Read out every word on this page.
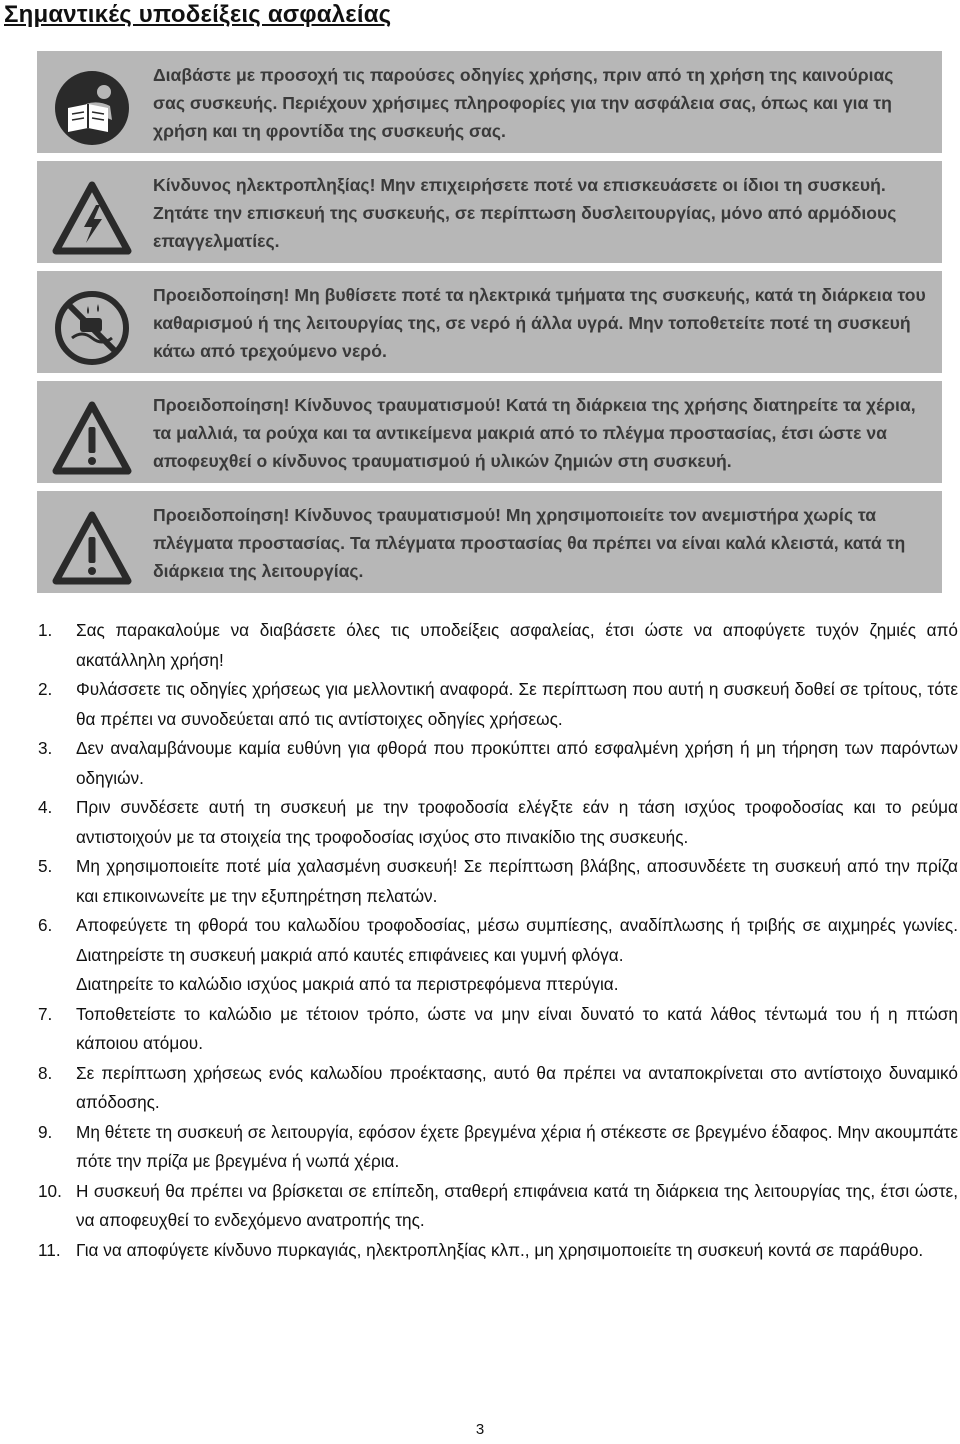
Σημαντικές υποδείξεις ασφαλείας
Διαβάστε με προσοχή τις παρούσες οδηγίες χρήσης, πριν από τη χρήση της καινούριας σας συσκευής. Περιέχουν χρήσιμες πληροφορίες για την ασφάλεια σας, όπως και για τη χρήση και τη φροντίδα της συσκευής σας.
Κίνδυνος ηλεκτροπληξίας! Μην επιχειρήσετε ποτέ να επισκευάσετε οι ίδιοι τη συσκευή. Ζητάτε την επισκευή της συσκευής, σε περίπτωση δυσλειτουργίας, μόνο από αρμόδιους επαγγελματίες.
Προειδοποίηση! Μη βυθίσετε ποτέ τα ηλεκτρικά τμήματα της συσκευής, κατά τη διάρκεια του καθαρισμού ή της λειτουργίας της, σε νερό ή άλλα υγρά. Μην τοποθετείτε ποτέ τη συσκευή κάτω από τρεχούμενο νερό.
Προειδοποίηση! Κίνδυνος τραυματισμού! Κατά τη διάρκεια της χρήσης διατηρείτε τα χέρια, τα μαλλιά, τα ρούχα και τα αντικείμενα μακριά από το πλέγμα προστασίας, έτσι ώστε να αποφευχθεί ο κίνδυνος τραυματισμού ή υλικών ζημιών στη συσκευή.
Προειδοποίηση! Κίνδυνος τραυματισμού! Μη χρησιμοποιείτε τον ανεμιστήρα χωρίς τα πλέγματα προστασίας. Τα πλέγματα προστασίας θα πρέπει να είναι καλά κλειστά, κατά τη διάρκεια της λειτουργίας.
1.	Σας παρακαλούμε να διαβάσετε όλες τις υποδείξεις ασφαλείας, έτσι ώστε να αποφύγετε τυχόν ζημιές από ακατάλληλη χρήση!
2.	Φυλάσσετε τις οδηγίες χρήσεως για μελλοντική αναφορά. Σε περίπτωση που αυτή η συσκευή δοθεί σε τρίτους, τότε θα πρέπει να συνοδεύεται από τις αντίστοιχες οδηγίες χρήσεως.
3.	Δεν αναλαμβάνουμε καμία ευθύνη για φθορά που προκύπτει από εσφαλμένη χρήση ή μη τήρηση των παρόντων οδηγιών.
4.	Πριν συνδέσετε αυτή τη συσκευή με την τροφοδοσία ελέγξτε εάν η τάση ισχύος τροφοδοσίας και το ρεύμα αντιστοιχούν με τα στοιχεία της τροφοδοσίας ισχύος στο πινακίδιο της συσκευής.
5.	Μη χρησιμοποιείτε ποτέ μία χαλασμένη συσκευή! Σε περίπτωση βλάβης, αποσυνδέετε τη συσκευή από την πρίζα και επικοινωνείτε με την εξυπηρέτηση πελατών.
6.	Αποφεύγετε τη φθορά του καλωδίου τροφοδοσίας, μέσω συμπίεσης, αναδίπλωσης ή τριβής σε αιχμηρές γωνίες. Διατηρείστε τη συσκευή μακριά από καυτές επιφάνειες και γυμνή φλόγα.
Διατηρείτε το καλώδιο ισχύος μακριά από τα περιστρεφόμενα πτερύγια.
7.	Τοποθετείστε το καλώδιο με τέτοιον τρόπο, ώστε να μην είναι δυνατό το κατά λάθος τέντωμά του ή η πτώση κάποιου ατόμου.
8.	Σε περίπτωση χρήσεως ενός καλωδίου προέκτασης, αυτό θα πρέπει να ανταποκρίνεται στο αντίστοιχο δυναμικό απόδοσης.
9.	Μη θέτετε τη συσκευή σε λειτουργία, εφόσον έχετε βρεγμένα χέρια ή στέκεστε σε βρεγμένο έδαφος. Μην ακουμπάτε πότε την πρίζα με βρεγμένα ή νωπά χέρια.
10. Η συσκευή θα πρέπει να βρίσκεται σε επίπεδη, σταθερή επιφάνεια κατά τη διάρκεια της λειτουργίας της, έτσι ώστε, να αποφευχθεί το ενδεχόμενο ανατροπής της.
11. Για να αποφύγετε κίνδυνο πυρκαγιάς, ηλεκτροπληξίας κλπ., μη χρησιμοποιείτε τη συσκευή κοντά σε παράθυρο.
3
